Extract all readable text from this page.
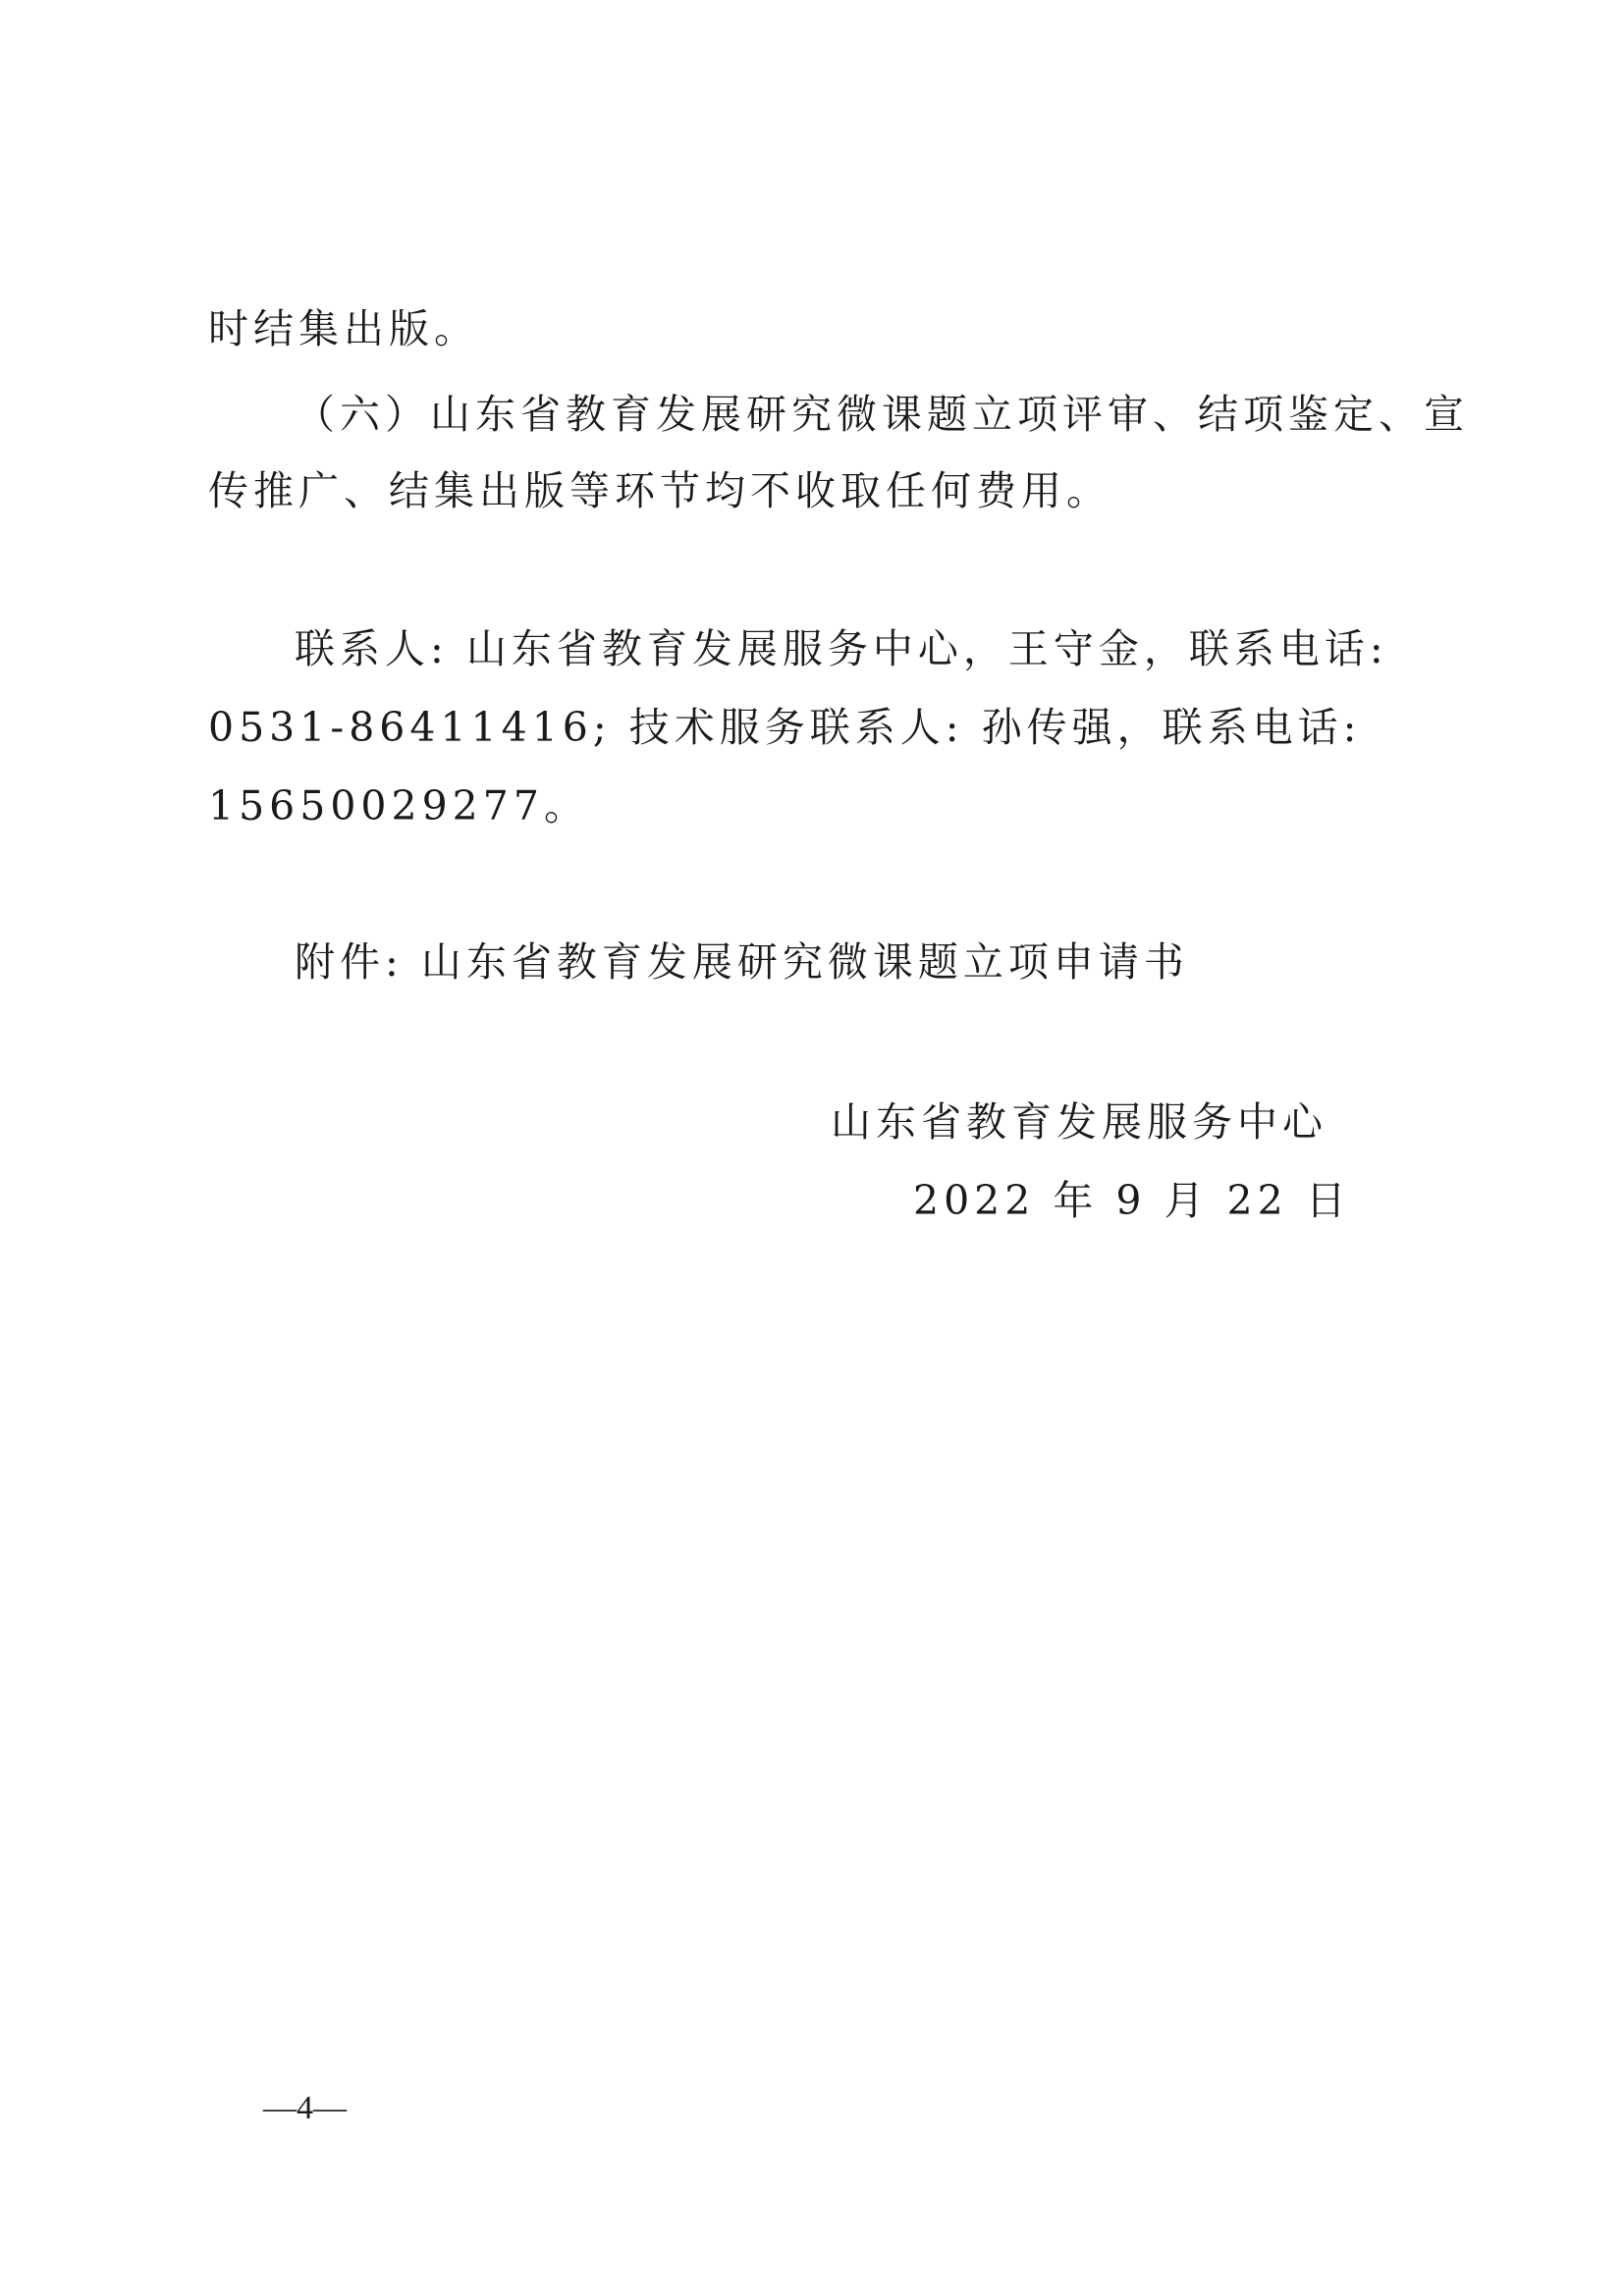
时结集出版。
（六）山东省教育发展研究微课题立项评审、结项鉴定、宣
传推广、结集出版等环节均不收取任何费用。
联系人: 山东省教育发展服务中心，王守金，联系电话:
0531-86411416; 技术服务联系人: 孙传强，联系电话:
15650029277。
附件: 山东省教育发展研究微课题立项申请书
山东省教育发展服务中心
2022 年 9 月 22 日
—4—
